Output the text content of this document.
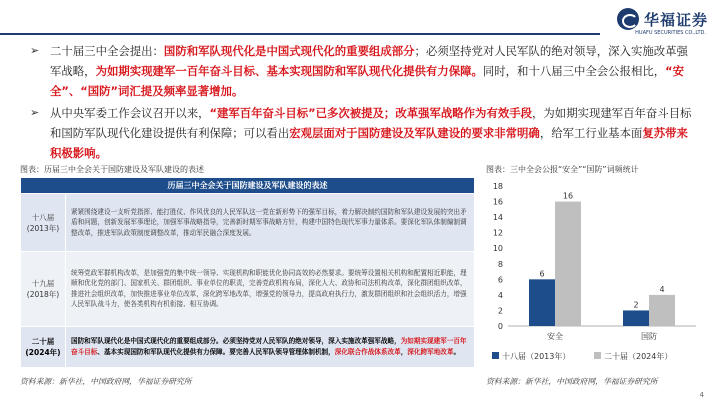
华福证券
HUAFU SECURITIES CO.,LTD.
➢ 二十届三中全会提出：国防和军队现代化是中国式现代化的重要组成部分；必须坚持党对人民军队的绝对领导，深入实施改革强军战略，为如期实现建军一百年奋斗目标、基本实现国防和军队现代化提供有力保障。同时，和十八届三中全会公报相比，“安全”、“国防”词汇提及频率显著增加。
➢ 从中央军委工作会议召开以来，“建军百年奋斗目标”已多次被提及；改革强军战略作为有效手段，为如期实现建军百年奋斗目标和国防军队现代化建设提供有利保障；可以看出宏观层面对于国防建设及军队建设的要求非常明确，给军工行业基本面复苏带来积极影响。
图表：历届三中全会关于国防建设及军队建设的表述
历届三中全会关于国防建设及军队建设的表述	

十八届
(2013年)	紧紧围绕建设一支听党指挥、能打胜仗、作风优良的人民军队这一党在新形势下的强军目标，着力解决制约国防和军队建设发展的突出矛盾和问题，创新发展军事理论，加强军事战略指导，完善新时期军事战略方针，构建中国特色现代军事力量体系。要深化军队体制编制调整改革，推进军队政策制度调整改革，推动军民融合深度发展。

十九届
(2018年)	统筹党政军群机构改革，是加强党的集中统一领导、实现机构和职能优化协同高效的必然要求。要统筹设置相关机构和配置相近职能，理顺和优化党的部门、国家机关、群团组织、事业单位的职责，完善党政机构布局，深化人大、政协和司法机构改革，深化群团组织改革，推进社会组织改革，加快推进事业单位改革，深化跨军地改革，增强党的领导力，提高政府执行力，激发群团组织和社会组织活力，增强人民军队战斗力，使各类机构有机衔接、相互协调。

二十届
(2024年)	国防和军队现代化是中国式现代化的重要组成部分。必须坚持党对人民军队的绝对领导，深入实施改革强军战略，为如期实现建军一百年奋斗目标、基本实现国防和军队现代化提供有力保障。要完善人民军队领导管理体制机制，深化联合作战体系改革，深化跨军地改革。
资料来源：新华社，中国政府网，华福证券研究所
图表：三中全会公报“安全”“国防”词频统计
0
2
4
6
8
10
12
14
16
18
6
16
安全
2
4
国防
十八届（2013年）	二十届（2024年）
资料来源：新华社，中国政府网，华福证券研究所
4
